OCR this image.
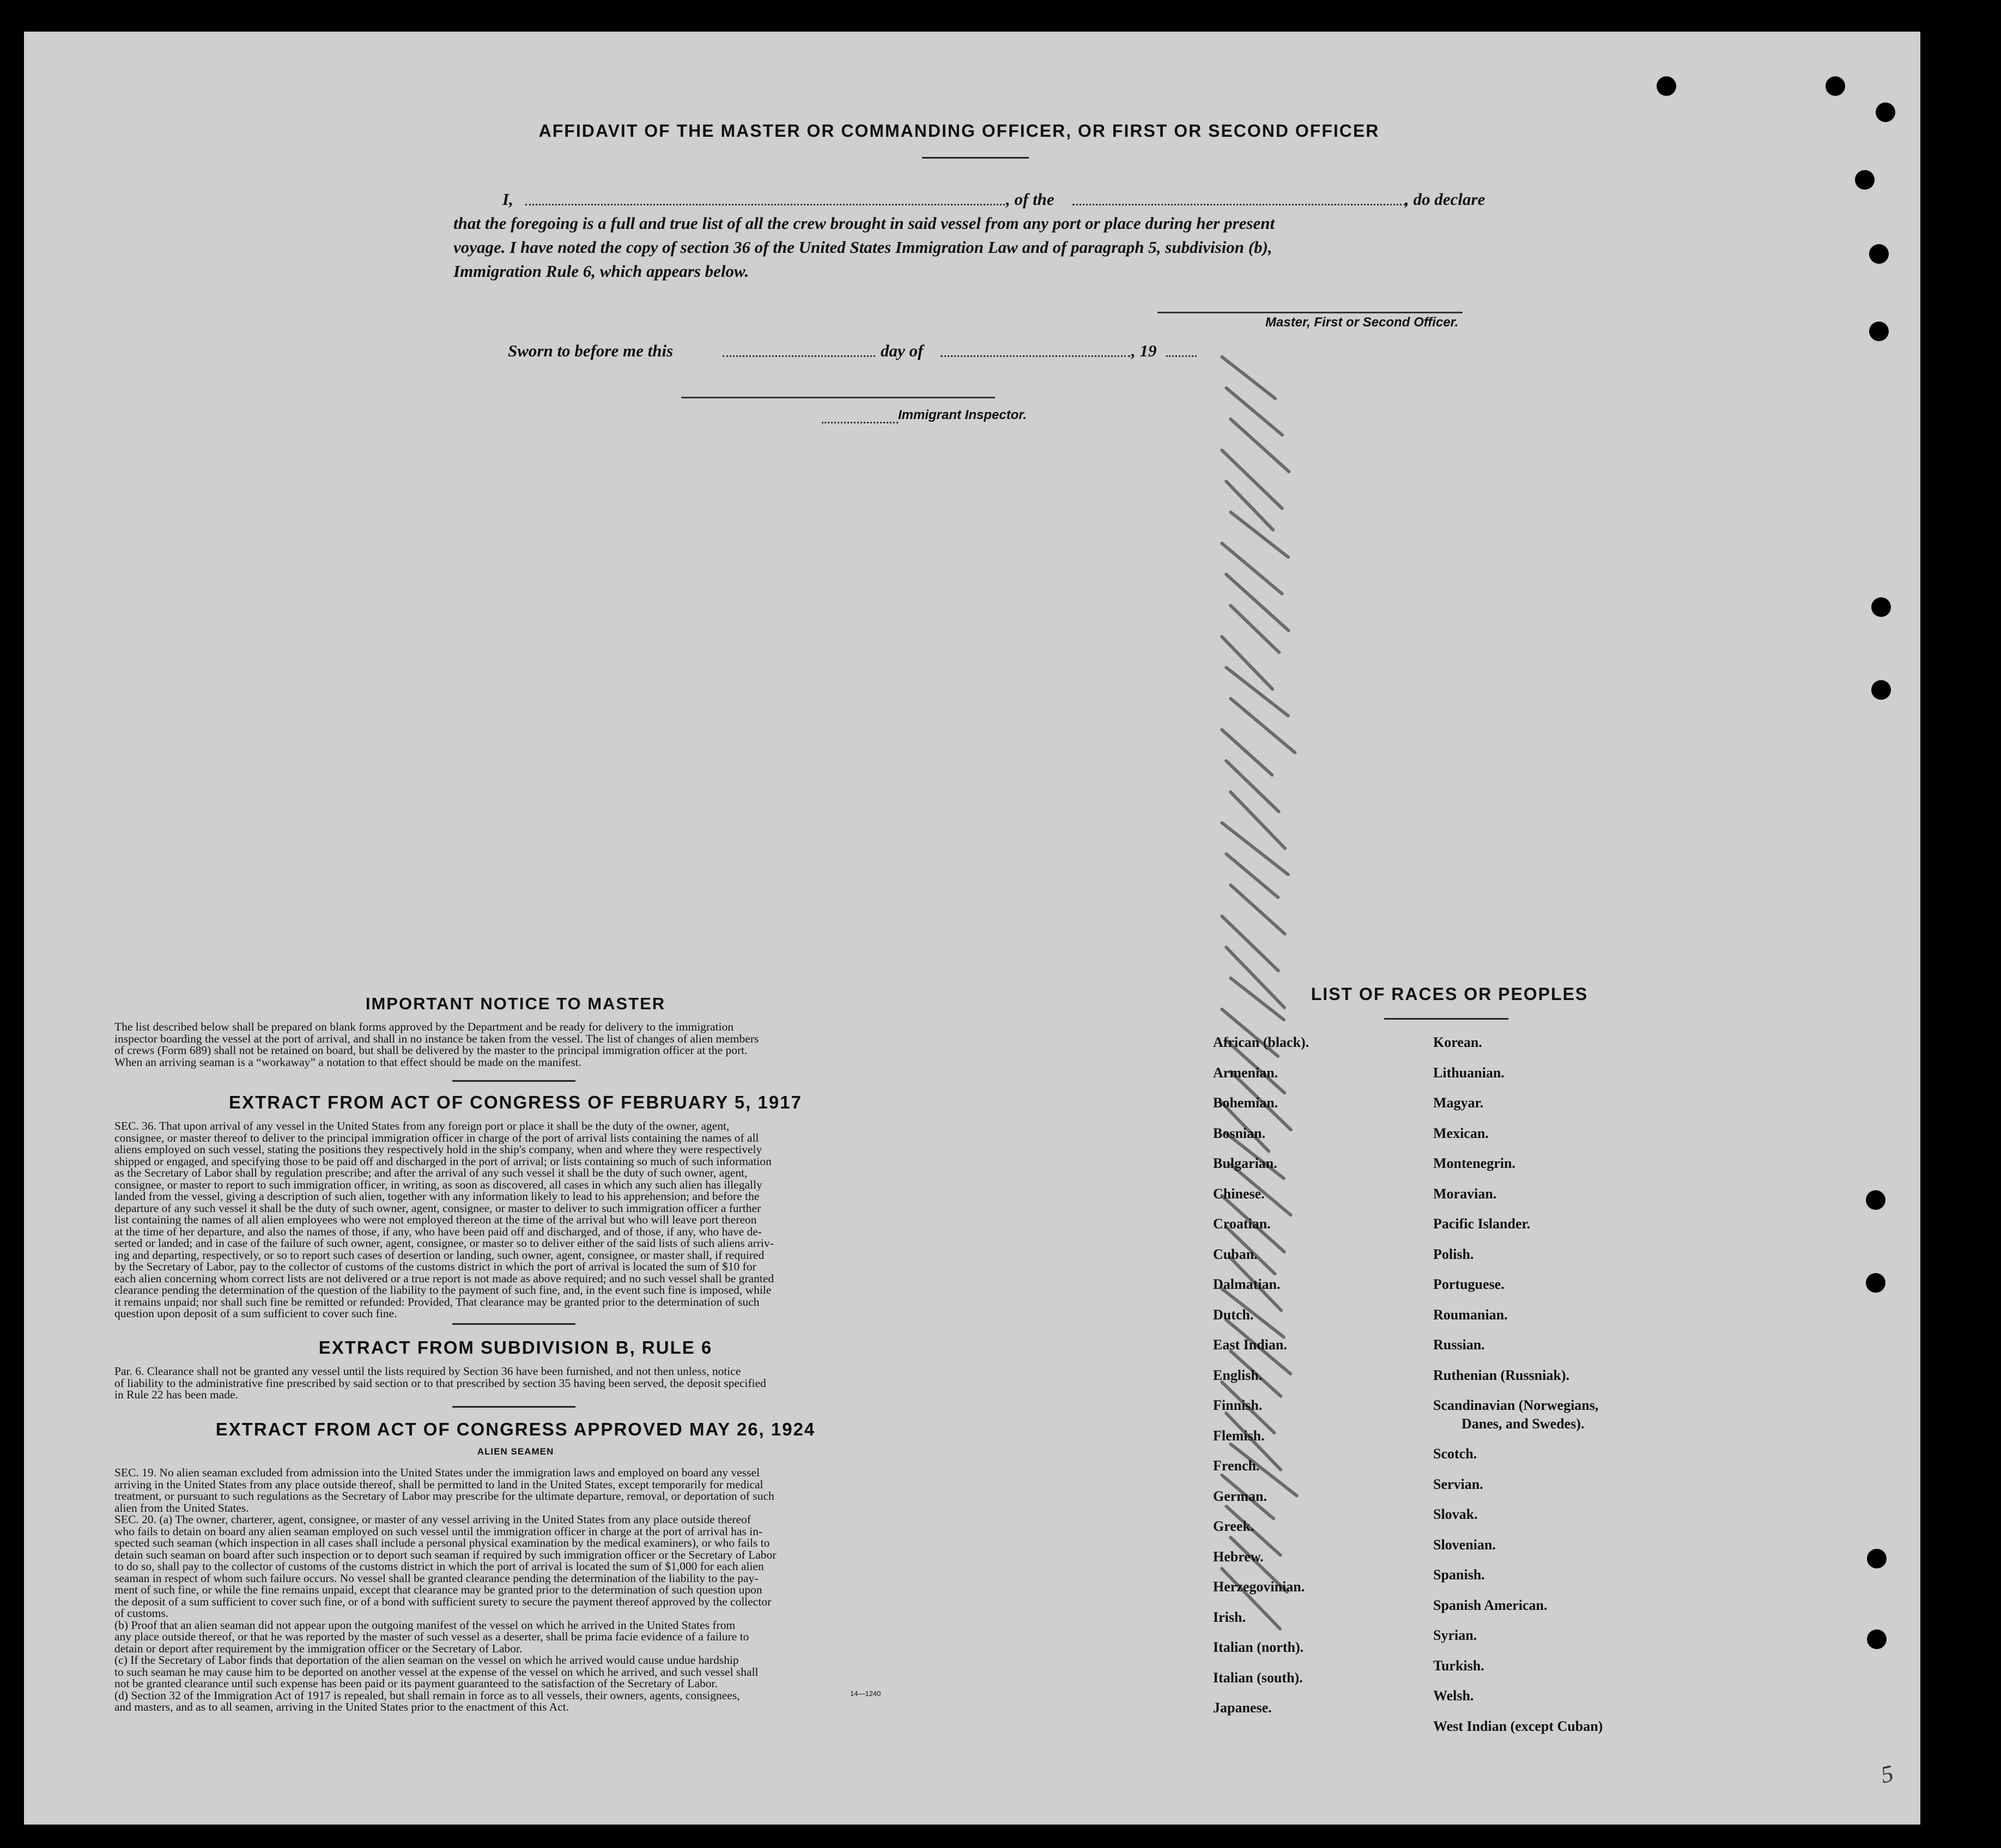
AFFIDAVIT OF THE MASTER OR COMMANDING OFFICER, OR FIRST OR SECOND OFFICER
I,	, of the	, do declare
that the foregoing is a full and true list of all the crew brought in said vessel from any port or place during her present
voyage. I have noted the copy of section 36 of the United States Immigration Law and of paragraph 5, subdivision (b),
Immigration Rule 6, which appears below.
Master, First or Second Officer.
Sworn to before me this	day of	, 19
Immigrant Inspector.
IMPORTANT NOTICE TO MASTER
The list described below shall be prepared on blank forms approved by the Department and be ready for delivery to the immigration
inspector boarding the vessel at the port of arrival, and shall in no instance be taken from the vessel. The list of changes of alien members
of crews (Form 689) shall not be retained on board, but shall be delivered by the master to the principal immigration officer at the port.
When an arriving seaman is a “workaway” a notation to that effect should be made on the manifest.
EXTRACT FROM ACT OF CONGRESS OF FEBRUARY 5, 1917
SEC. 36. That upon arrival of any vessel in the United States from any foreign port or place it shall be the duty of the owner, agent,
consignee, or master thereof to deliver to the principal immigration officer in charge of the port of arrival lists containing the names of all
aliens employed on such vessel, stating the positions they respectively hold in the ship's company, when and where they were respectively
shipped or engaged, and specifying those to be paid off and discharged in the port of arrival; or lists containing so much of such information
as the Secretary of Labor shall by regulation prescribe; and after the arrival of any such vessel it shall be the duty of such owner, agent,
consignee, or master to report to such immigration officer, in writing, as soon as discovered, all cases in which any such alien has illegally
landed from the vessel, giving a description of such alien, together with any information likely to lead to his apprehension; and before the
departure of any such vessel it shall be the duty of such owner, agent, consignee, or master to deliver to such immigration officer a further
list containing the names of all alien employees who were not employed thereon at the time of the arrival but who will leave port thereon
at the time of her departure, and also the names of those, if any, who have been paid off and discharged, and of those, if any, who have de-
serted or landed; and in case of the failure of such owner, agent, consignee, or master so to deliver either of the said lists of such aliens arriv-
ing and departing, respectively, or so to report such cases of desertion or landing, such owner, agent, consignee, or master shall, if required
by the Secretary of Labor, pay to the collector of customs of the customs district in which the port of arrival is located the sum of $10 for
each alien concerning whom correct lists are not delivered or a true report is not made as above required; and no such vessel shall be granted
clearance pending the determination of the question of the liability to the payment of such fine, and, in the event such fine is imposed, while
it remains unpaid; nor shall such fine be remitted or refunded: Provided, That clearance may be granted prior to the determination of such
question upon deposit of a sum sufficient to cover such fine.
EXTRACT FROM SUBDIVISION B, RULE 6
Par. 6. Clearance shall not be granted any vessel until the lists required by Section 36 have been furnished, and not then unless, notice
of liability to the administrative fine prescribed by said section or to that prescribed by section 35 having been served, the deposit specified
in Rule 22 has been made.
EXTRACT FROM ACT OF CONGRESS APPROVED MAY 26, 1924
ALIEN SEAMEN
SEC. 19. No alien seaman excluded from admission into the United States under the immigration laws and employed on board any vessel
arriving in the United States from any place outside thereof, shall be permitted to land in the United States, except temporarily for medical
treatment, or pursuant to such regulations as the Secretary of Labor may prescribe for the ultimate departure, removal, or deportation of such
alien from the United States.
SEC. 20. (a) The owner, charterer, agent, consignee, or master of any vessel arriving in the United States from any place outside thereof
who fails to detain on board any alien seaman employed on such vessel until the immigration officer in charge at the port of arrival has in-
spected such seaman (which inspection in all cases shall include a personal physical examination by the medical examiners), or who fails to
detain such seaman on board after such inspection or to deport such seaman if required by such immigration officer or the Secretary of Labor
to do so, shall pay to the collector of customs of the customs district in which the port of arrival is located the sum of $1,000 for each alien
seaman in respect of whom such failure occurs. No vessel shall be granted clearance pending the determination of the liability to the pay-
ment of such fine, or while the fine remains unpaid, except that clearance may be granted prior to the determination of such question upon
the deposit of a sum sufficient to cover such fine, or of a bond with sufficient surety to secure the payment thereof approved by the collector
of customs.
(b) Proof that an alien seaman did not appear upon the outgoing manifest of the vessel on which he arrived in the United States from
any place outside thereof, or that he was reported by the master of such vessel as a deserter, shall be prima facie evidence of a failure to
detain or deport after requirement by the immigration officer or the Secretary of Labor.
(c) If the Secretary of Labor finds that deportation of the alien seaman on the vessel on which he arrived would cause undue hardship
to such seaman he may cause him to be deported on another vessel at the expense of the vessel on which he arrived, and such vessel shall
not be granted clearance until such expense has been paid or its payment guaranteed to the satisfaction of the Secretary of Labor.
(d) Section 32 of the Immigration Act of 1917 is repealed, but shall remain in force as to all vessels, their owners, agents, consignees,
and masters, and as to all seamen, arriving in the United States prior to the enactment of this Act.
14—1240
LIST OF RACES OR PEOPLES
African (black).
Armenian.
Bohemian.
Bosnian.
Bulgarian.
Chinese.
Croatian.
Cuban.
Dalmatian.
Dutch.
East Indian.
English.
Finnish.
Flemish.
French.
German.
Greek.
Hebrew.
Herzegovinian.
Irish.
Italian (north).
Italian (south).
Japanese.
Korean.
Lithuanian.
Magyar.
Mexican.
Montenegrin.
Moravian.
Pacific Islander.
Polish.
Portuguese.
Roumanian.
Russian.
Ruthenian (Russniak).
Scandinavian (Norwegians,
Danes, and Swedes).
Scotch.
Servian.
Slovak.
Slovenian.
Spanish.
Spanish American.
Syrian.
Turkish.
Welsh.
West Indian (except Cuban)
5
